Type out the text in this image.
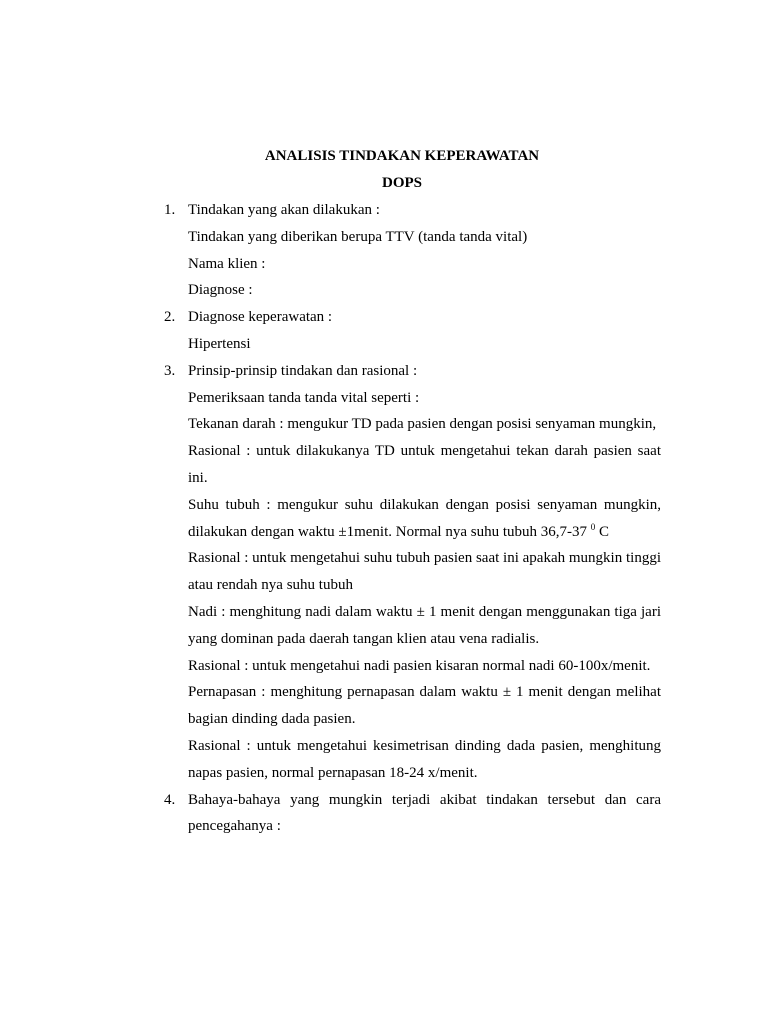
ANALISIS TINDAKAN KEPERAWATAN
DOPS
1. Tindakan yang akan dilakukan :

Tindakan yang diberikan berupa TTV (tanda tanda vital)

Nama klien :

Diagnose :

2. Diagnose keperawatan :

Hipertensi

3. Prinsip-prinsip tindakan dan rasional :

Pemeriksaan tanda tanda vital seperti :

Tekanan darah : mengukur TD pada pasien dengan posisi senyaman mungkin,

Rasional : untuk dilakukanya TD untuk mengetahui tekan darah pasien saat ini.

Suhu tubuh : mengukur suhu dilakukan dengan posisi senyaman mungkin, dilakukan dengan waktu ±1menit. Normal nya suhu tubuh 36,7-37 $^0$ C

Rasional : untuk mengetahui suhu tubuh pasien saat ini apakah mungkin tinggi atau rendah nya suhu tubuh

Nadi : menghitung nadi dalam waktu ± 1 menit dengan menggunakan tiga jari yang dominan pada daerah tangan klien atau vena radialis.

Rasional : untuk mengetahui nadi pasien kisaran normal nadi 60-100x/menit.

Pernapasan : menghitung pernapasan dalam waktu ± 1 menit dengan melihat bagian dinding dada pasien.

Rasional : untuk mengetahui kesimetrisan dinding dada pasien, menghitung napas pasien, normal pernapasan 18-24 x/menit.

4. Bahaya-bahaya yang mungkin terjadi akibat tindakan tersebut dan cara pencegahanya :
